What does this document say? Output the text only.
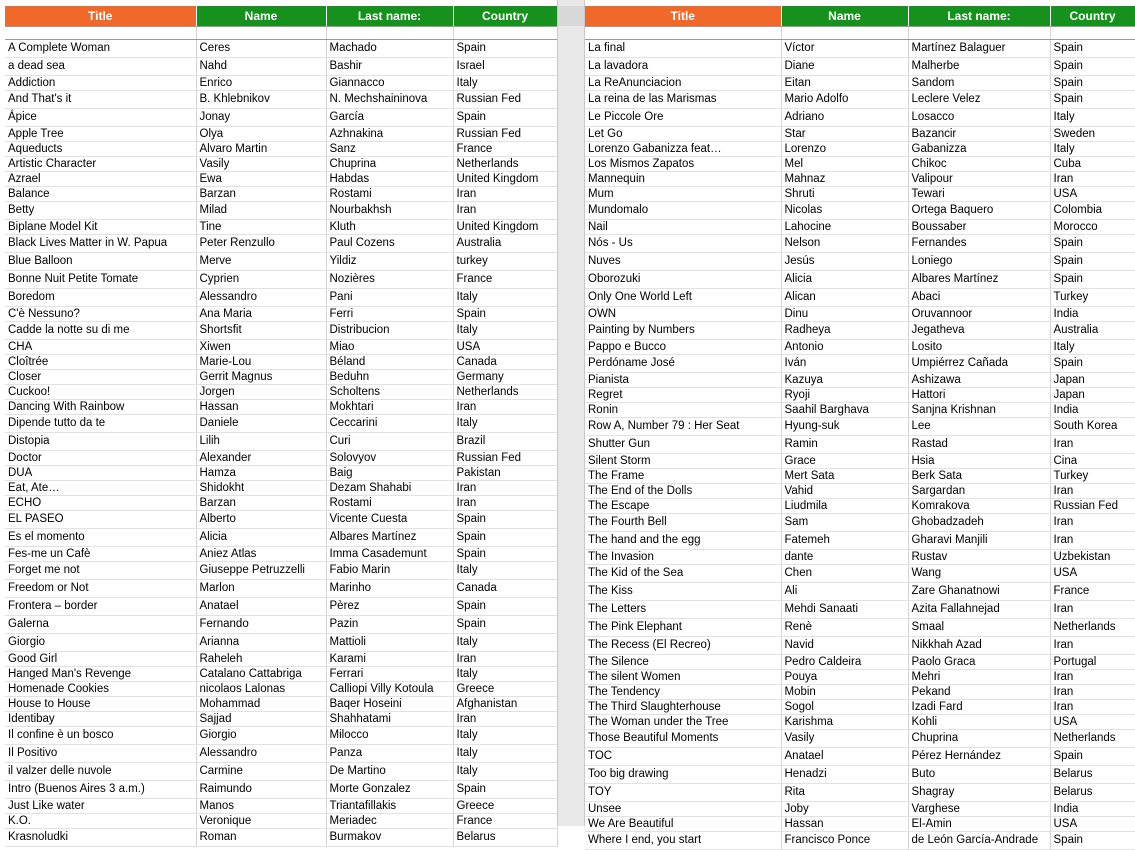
Title	Name	Last name:	Country

A Complete Woman	Ceres	Machado	Spain
a dead sea	Nahd	Bashir	Israel
Addiction	Enrico	Giannacco	Italy
And That's it	B. Khlebnikov	N. Mechshaininova	Russian Fed
Ápice	Jonay	García	Spain
Apple Tree	Olya	Azhnakina	Russian Fed
Aqueducts	Alvaro Martin	Sanz	France
Artistic Character	Vasily	Chuprina	Netherlands
Azrael	Ewa	Habdas	United Kingdom
Balance	Barzan	Rostami	Iran
Betty	Milad	Nourbakhsh	Iran
Biplane Model Kit	Tine	Kluth	United Kingdom
Black Lives Matter in W. Papua	Peter Renzullo	Paul Cozens	Australia
Blue Balloon	Merve	Yildiz	turkey
Bonne Nuit Petite Tomate	Cyprien	Nozières	France
Boredom	Alessandro	Pani	Italy
C'è Nessuno?	Ana Maria	Ferri	Spain
Cadde la notte su di me	Shortsfit	Distribucion	Italy
CHA	Xiwen	Miao	USA
Cloîtrée	Marie-Lou	Béland	Canada
Closer	Gerrit Magnus	Beduhn	Germany
Cuckoo!	Jorgen	Scholtens	Netherlands
Dancing With Rainbow	Hassan	Mokhtari	Iran
Dipende tutto da te	Daniele	Ceccarini	Italy
Distopia	Lilih	Curi	Brazil
Doctor	Alexander	Solovyov	Russian Fed
DUA	Hamza	Baig	Pakistan
Eat, Ate…	Shidokht	Dezam Shahabi	Iran
ECHO	Barzan	Rostami	Iran
EL PASEO	Alberto	Vicente Cuesta	Spain
Es el momento	Alicia	Albares Martínez	Spain
Fes-me un Cafè	Aniez Atlas	Imma Casademunt	Spain
Forget me not	Giuseppe Petruzzelli	Fabio Marin	Italy
Freedom or Not	Marlon	Marinho	Canada
Frontera – border	Anatael	Pèrez	Spain
Galerna	Fernando	Pazin	Spain
Giorgio	Arianna	Mattioli	Italy
Good Girl	Raheleh	Karami	Iran
Hanged Man's Revenge	Catalano Cattabriga	Ferrari	Italy
Homenade Cookies	nicolaos Lalonas	Calliopi Villy Kotoula	Greece
House to House	Mohammad	Baqer Hoseini	Afghanistan
Identibay	Sajjad	Shahhatami	Iran
Il confine è un bosco	Giorgio	Milocco	Italy
Il Positivo	Alessandro	Panza	Italy
il valzer delle nuvole	Carmine	De Martino	Italy
Intro (Buenos Aires 3 a.m.)	Raimundo	Morte Gonzalez	Spain
Just Like water	Manos	Triantafillakis	Greece
K.O.	Veronique	Meriadec	France
Krasnoludki	Roman	Burmakov	Belarus
Title	Name	Last name:	Country

La final	Víctor	Martínez Balaguer	Spain
La lavadora	Diane	Malherbe	Spain
La ReAnunciacion	Eitan	Sandom	Spain
La reina de las Marismas	Mario Adolfo	Leclere Velez	Spain
Le Piccole Ore	Adriano	Losacco	Italy
Let Go	Star	Bazancir	Sweden
Lorenzo Gabanizza feat…	Lorenzo	Gabanizza	Italy
Los Mismos Zapatos	Mel	Chikoc	Cuba
Mannequin	Mahnaz	Valipour	Iran
Mum	Shruti	Tewari	USA
Mundomalo	Nicolas	Ortega Baquero	Colombia
Nail	Lahocine	Boussaber	Morocco
Nós - Us	Nelson	Fernandes	Spain
Nuves	Jesús	Loniego	Spain
Oborozuki	Alicia	Albares Martínez	Spain
Only One World Left	Alican	Abaci	Turkey
OWN	Dinu	Oruvannoor	India
Painting by Numbers	Radheya	Jegatheva	Australia
Pappo e Bucco	Antonio	Losito	Italy
Perdóname José	Iván	Umpiérrez Cañada	Spain
Pianista	Kazuya	Ashizawa	Japan
Regret	Ryoji	Hattori	Japan
Ronin	Saahil Barghava	Sanjna Krishnan	India
Row A, Number 79 : Her Seat	Hyung-suk	Lee	South Korea
Shutter Gun	Ramin	Rastad	Iran
Silent Storm	Grace	Hsia	Cina
The Frame	Mert Sata	Berk Sata	Turkey
The End of the Dolls	Vahid	Sargardan	Iran
The Escape	Liudmila	Komrakova	Russian Fed
The Fourth Bell	Sam	Ghobadzadeh	Iran
The hand and the egg	Fatemeh	Gharavi Manjili	Iran
The Invasion	dante	Rustav	Uzbekistan
The Kid of the Sea	Chen	Wang	USA
The Kiss	Ali	Zare Ghanatnowi	France
The Letters	Mehdi Sanaati	Azita Fallahnejad	Iran
The Pink Elephant	Renè	Smaal	Netherlands
The Recess (El Recreo)	Navid	Nikkhah Azad	Iran
The Silence	Pedro Caldeira	Paolo Graca	Portugal
The silent Women	Pouya	Mehri	Iran
The Tendency	Mobin	Pekand	Iran
The Third Slaughterhouse	Sogol	Izadi Fard	Iran
The Woman under the Tree	Karishma	Kohli	USA
Those Beautiful Moments	Vasily	Chuprina	Netherlands
TOC	Anatael	Pérez Hernández	Spain
Too big drawing	Henadzi	Buto	Belarus
TOY	Rita	Shagray	Belarus
Unsee	Joby	Varghese	India
We Are Beautiful	Hassan	El-Amin	USA
Where I end, you start	Francisco Ponce	de León García-Andrade	Spain
